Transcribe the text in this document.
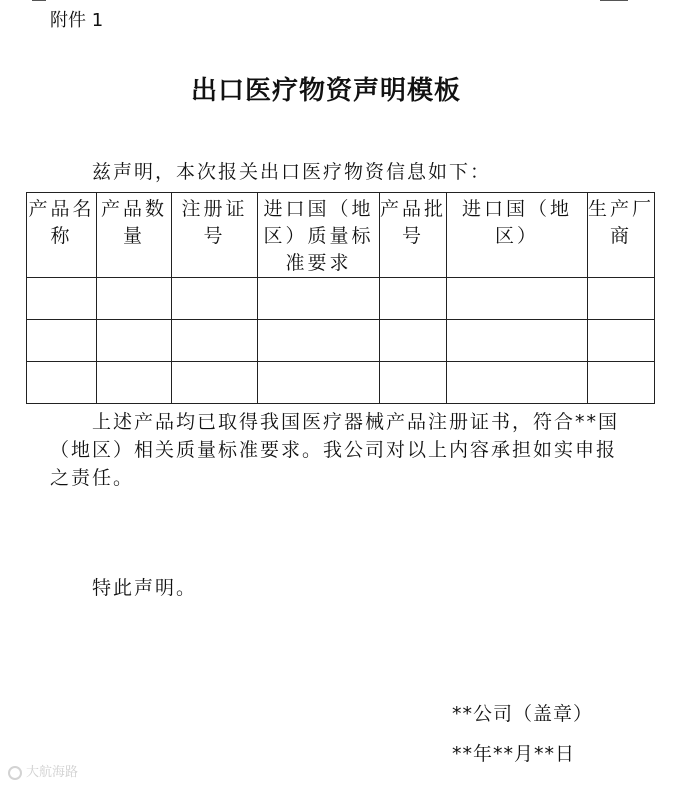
附件 1
出口医疗物资声明模板
兹声明，本次报关出口医疗物资信息如下：
产品名称	产品数量	注册证号	进口国（地区）质量标准要求	产品批号	进口国（地区）	生产厂商

上述产品均已取得我国医疗器械产品注册证书，符合**国（地区）相关质量标准要求。我公司对以上内容承担如实申报之责任。
特此声明。
**公司（盖章）
**年**月**日
大航海路
